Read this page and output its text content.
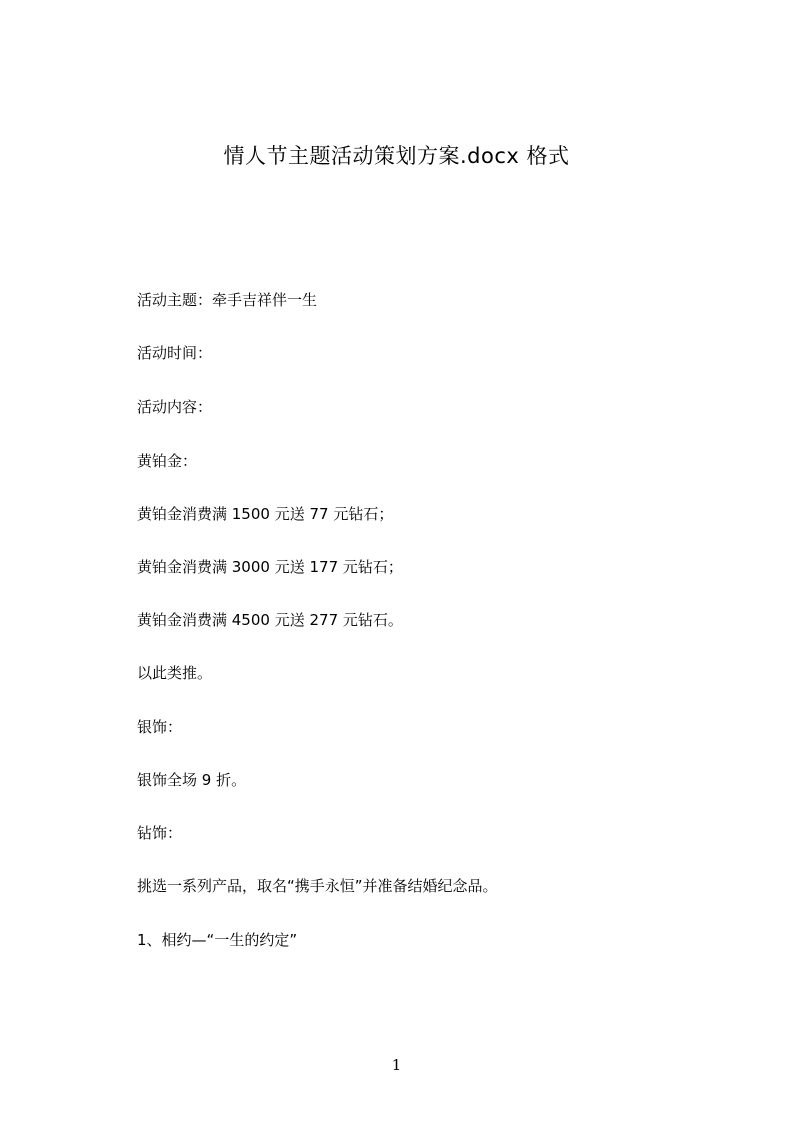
情人节主题活动策划方案.docx 格式
活动主题：牵手吉祥伴一生
活动时间：
活动内容：
黄铂金：
黄铂金消费满 1500 元送 77 元钻石；
黄铂金消费满 3000 元送 177 元钻石；
黄铂金消费满 4500 元送 277 元钻石。
以此类推。
银饰：
银饰全场 9 折。
钻饰：
挑选一系列产品，取名“携手永恒”并准备结婚纪念品。
1、相约—“一生的约定”
1
